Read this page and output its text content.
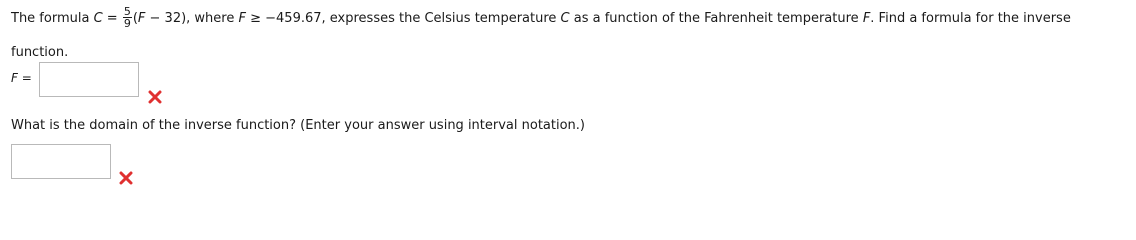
The formula $C = \frac{5}{9} (F - 32)$, where F ≥ −459.67, expresses the Celsius temperature C as a function of the Fahrenheit temperature F. Find a formula for the inverse
function.
F =
What is the domain of the inverse function? (Enter your answer using interval notation.)
